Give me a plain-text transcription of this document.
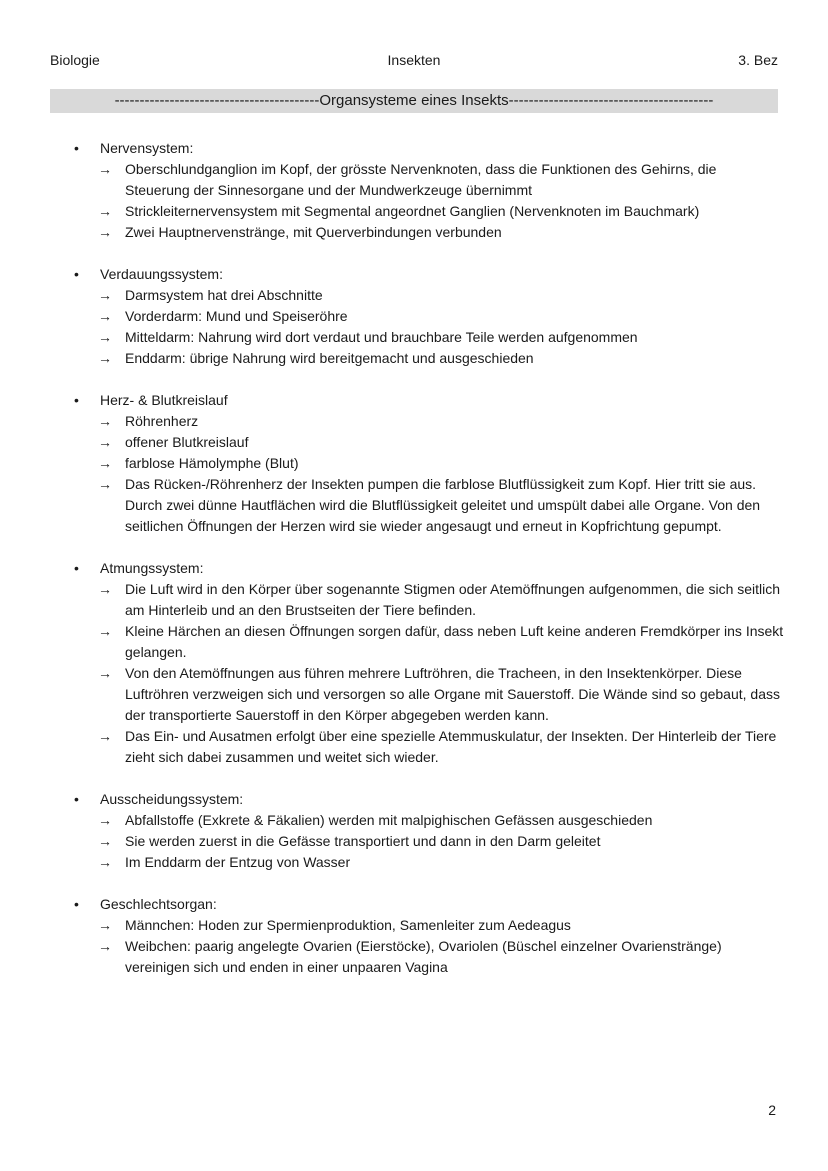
Biologie	Insekten	3. Bez
-----------------------------------------Organsysteme eines Insekts-----------------------------------------
•	Nervensystem:
→ Oberschlundganglion im Kopf, der grösste Nervenknoten, dass die Funktionen des Gehirns, die Steuerung der Sinnesorgane und der Mundwerkzeuge übernimmt
→ Strickleiternervensystem mit Segmental angeordnet Ganglien (Nervenknoten im Bauchmark)
→ Zwei Hauptnervenstränge, mit Querverbindungen verbunden
•	Verdauungssystem:
→ Darmsystem hat drei Abschnitte
→ Vorderdarm: Mund und Speiseröhre
→ Mitteldarm: Nahrung wird dort verdaut und brauchbare Teile werden aufgenommen
→ Enddarm: übrige Nahrung wird bereitgemacht und ausgeschieden
•	Herz- & Blutkreislauf
→ Röhrenherz
→ offener Blutkreislauf
→ farblose Hämolymphe (Blut)
→ Das Rücken-/Röhrenherz der Insekten pumpen die farblose Blutflüssigkeit zum Kopf. Hier tritt sie aus. Durch zwei dünne Hautflächen wird die Blutflüssigkeit geleitet und umspült dabei alle Organe. Von den seitlichen Öffnungen der Herzen wird sie wieder angesaugt und erneut in Kopfrichtung gepumpt.
•	Atmungssystem:
→ Die Luft wird in den Körper über sogenannte Stigmen oder Atemöffnungen aufgenommen, die sich seitlich am Hinterleib und an den Brustseiten der Tiere befinden.
→ Kleine Härchen an diesen Öffnungen sorgen dafür, dass neben Luft keine anderen Fremdkörper ins Insekt gelangen.
→ Von den Atemöffnungen aus führen mehrere Luftröhren, die Tracheen, in den Insektenkörper. Diese Luftröhren verzweigen sich und versorgen so alle Organe mit Sauerstoff. Die Wände sind so gebaut, dass der transportierte Sauerstoff in den Körper abgegeben werden kann.
→ Das Ein- und Ausatmen erfolgt über eine spezielle Atemmuskulatur, der Insekten. Der Hinterleib der Tiere zieht sich dabei zusammen und weitet sich wieder.
•	Ausscheidungssystem:
→ Abfallstoffe (Exkrete & Fäkalien) werden mit malpighischen Gefässen ausgeschieden
→ Sie werden zuerst in die Gefässe transportiert und dann in den Darm geleitet
→ Im Enddarm der Entzug von Wasser
•	Geschlechtsorgan:
→ Männchen: Hoden zur Spermienproduktion, Samenleiter zum Aedeagus
→ Weibchen: paarig angelegte Ovarien (Eierstöcke), Ovariolen (Büschel einzelner Ovarienstränge) vereinigen sich und enden in einer unpaaren Vagina
2
